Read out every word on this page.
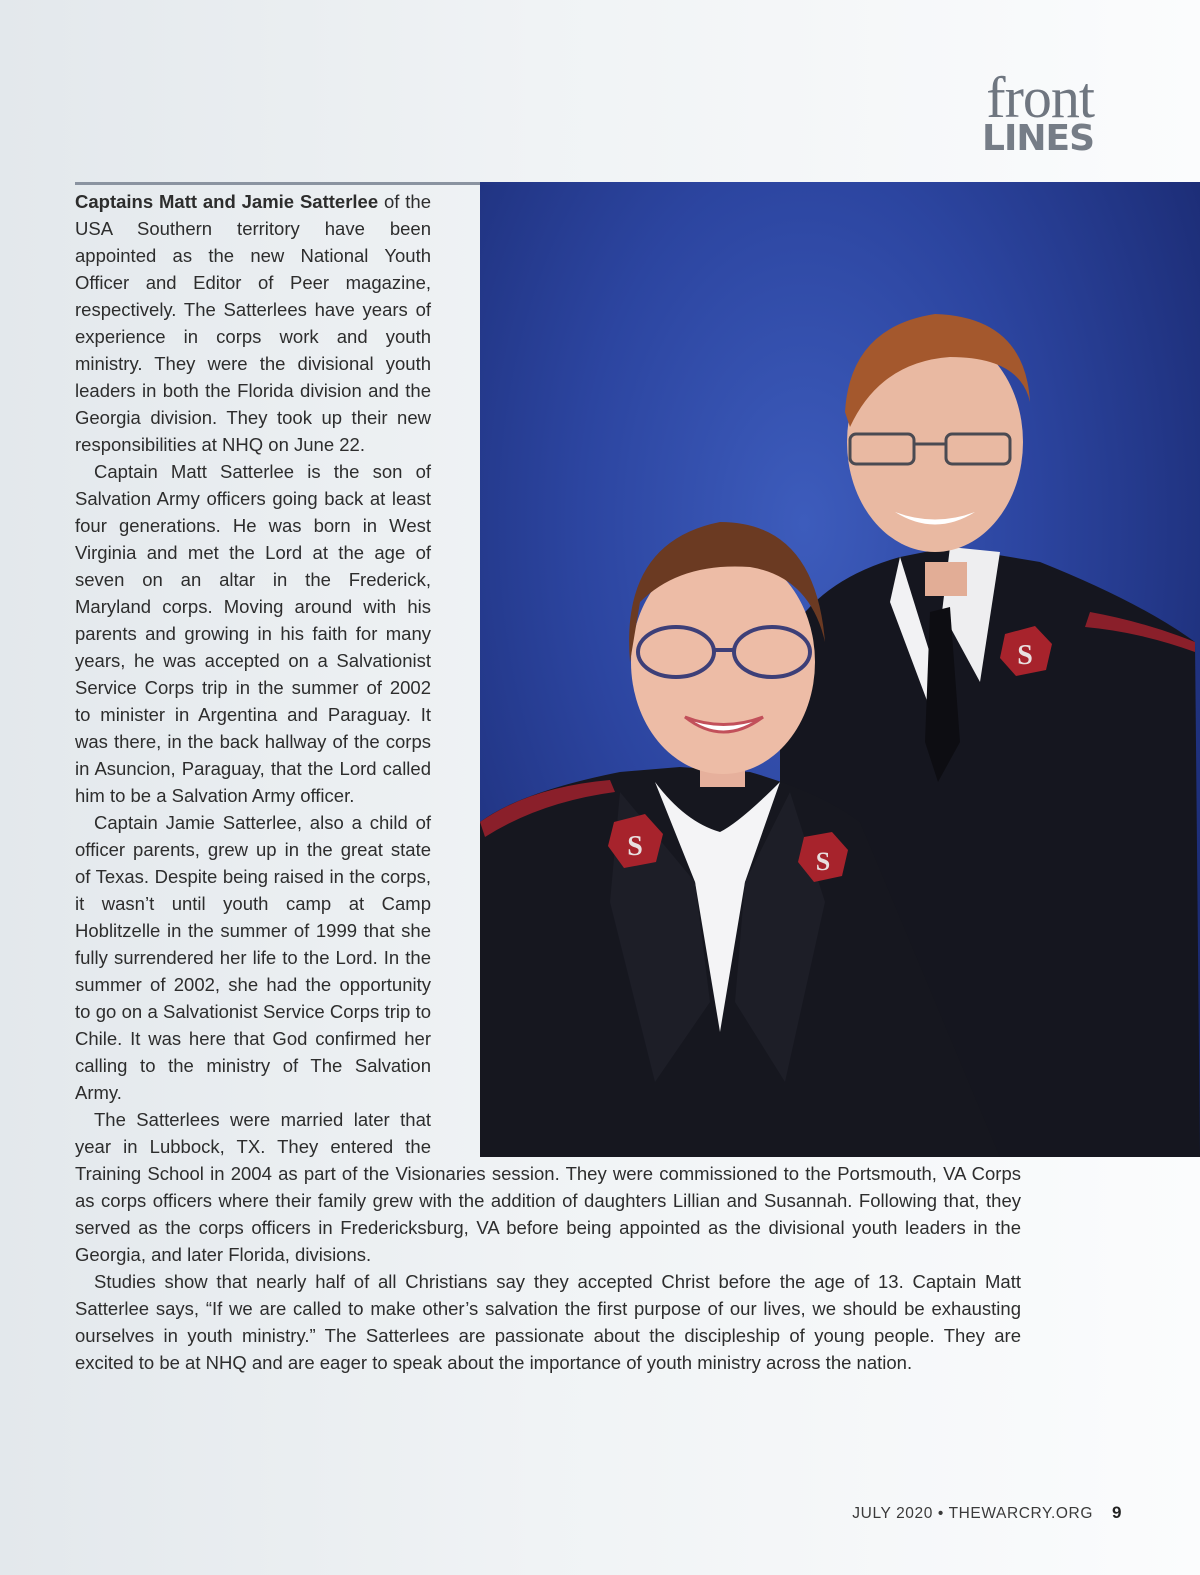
front
LINES
S
S	S

Captains Matt and Jamie Satterlee of the USA Southern territory have been appointed as the new National Youth Officer and Editor of Peer magazine, respectively. The Satterlees have years of experience in corps work and youth ministry. They were the divisional youth leaders in both the Florida division and the Georgia division. They took up their new responsibilities at NHQ on June 22.

Captain Matt Satterlee is the son of Salvation Army officers going back at least four generations. He was born in West Virginia and met the Lord at the age of seven on an altar in the Frederick, Maryland corps. Moving around with his parents and growing in his faith for many years, he was accepted on a Salvationist Service Corps trip in the summer of 2002 to minister in Argentina and Paraguay. It was there, in the back hallway of the corps in Asuncion, Paraguay, that the Lord called him to be a Salvation Army officer.

Captain Jamie Satterlee, also a child of officer parents, grew up in the great state of Texas. Despite being raised in the corps, it wasn’t until youth camp at Camp Hoblitzelle in the summer of 1999 that she fully surrendered her life to the Lord. In the summer of 2002, she had the opportunity to go on a Salvationist Service Corps trip to Chile. It was here that God confirmed her calling to the ministry of The Salvation Army.

The Satterlees were married later that year in Lubbock, TX. They entered the Training School in 2004 as part of the Visionaries session. They were commissioned to the Portsmouth, VA Corps as corps officers where their family grew with the addition of daughters Lillian and Susannah. Following that, they served as the corps officers in Fredericksburg, VA before being appointed as the divisional youth leaders in the Georgia, and later Florida, divisions.

Studies show that nearly half of all Christians say they accepted Christ before the age of 13. Captain Matt Satterlee says, “If we are called to make other’s salvation the first purpose of our lives, we should be exhausting ourselves in youth ministry.” The Satterlees are passionate about the discipleship of young people. They are excited to be at NHQ and are eager to speak about the importance of youth ministry across the nation.

JULY 2020 • THEWARCRY.ORG 9
